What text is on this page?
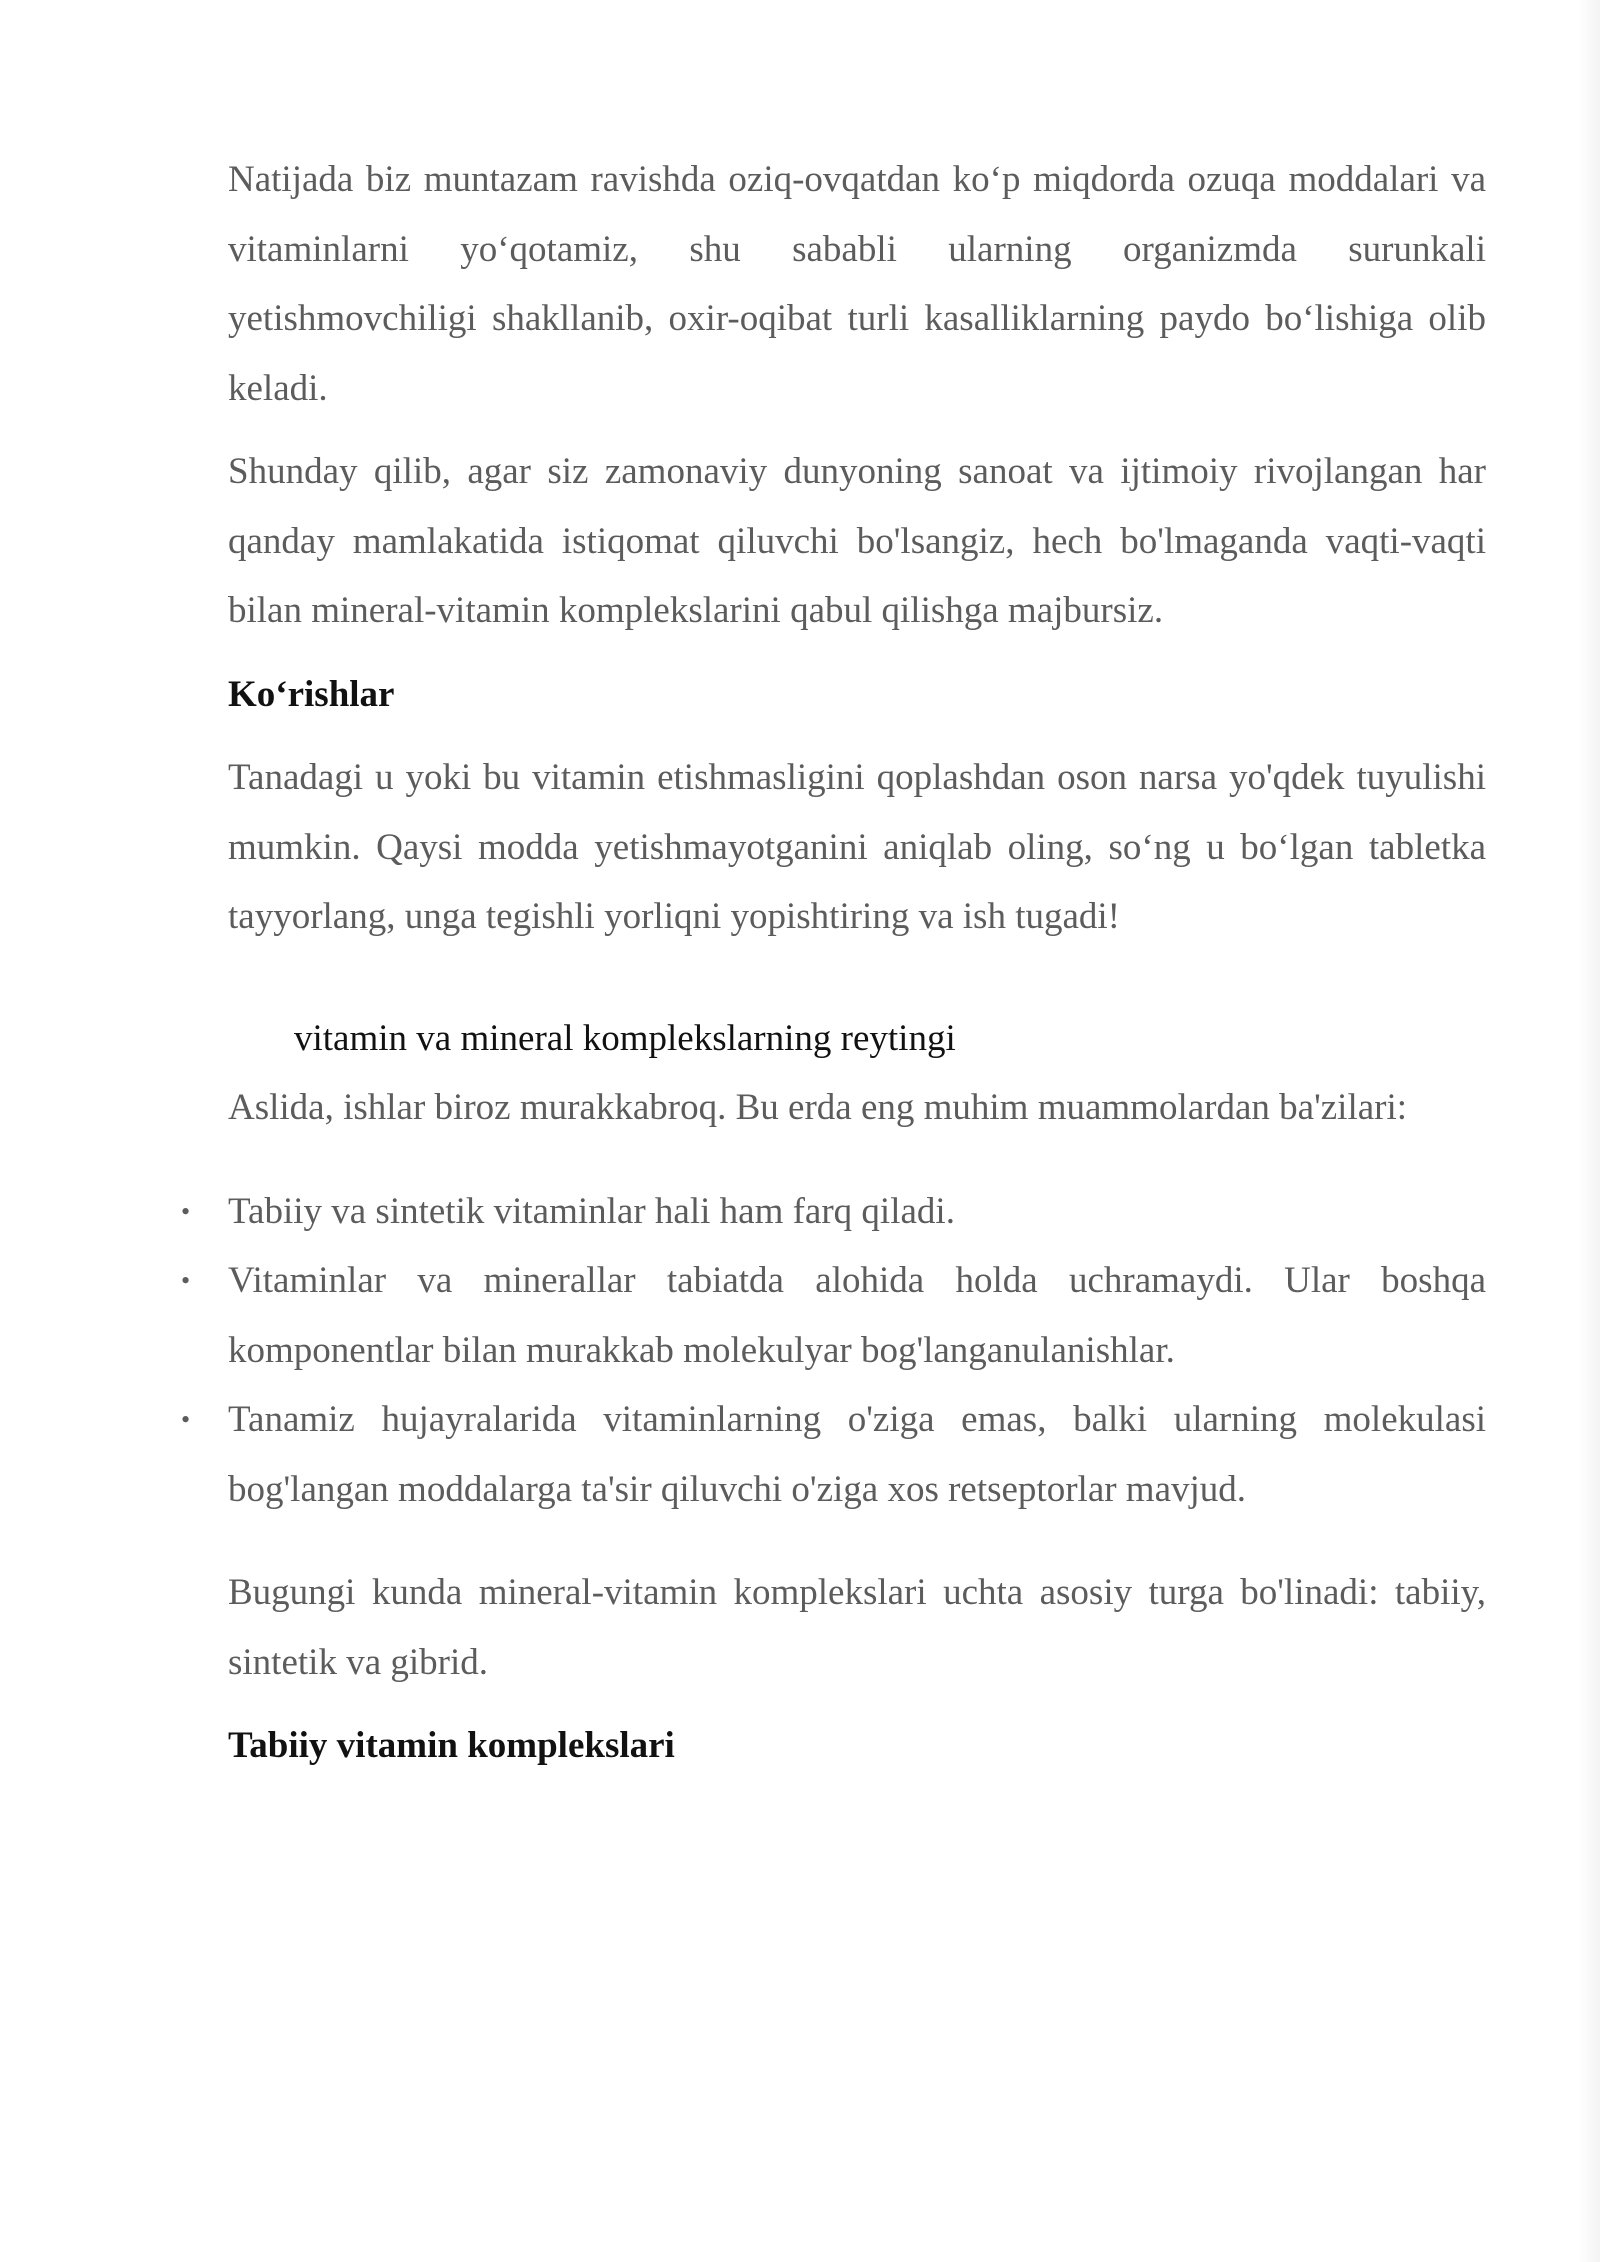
Natijada biz muntazam ravishda oziq-ovqatdan ko‘p miqdorda ozuqa moddalari va vitaminlarni yo‘qotamiz, shu sababli ularning organizmda surunkali yetishmovchiligi shakllanib, oxir-oqibat turli kasalliklarning paydo bo‘lishiga olib keladi.

Shunday qilib, agar siz zamonaviy dunyoning sanoat va ijtimoiy rivojlangan har qanday mamlakatida istiqomat qiluvchi bo'lsangiz, hech bo'lmaganda vaqti-vaqti bilan mineral-vitamin komplekslarini qabul qilishga majbursiz.

Ko‘rishlar

Tanadagi u yoki bu vitamin etishmasligini qoplashdan oson narsa yo'qdek tuyulishi mumkin. Qaysi modda yetishmayotganini aniqlab oling, so‘ng u bo‘lgan tabletka tayyorlang, unga tegishli yorliqni yopishtiring va ish tugadi!

vitamin va mineral komplekslarning reytingi

Aslida, ishlar biroz murakkabroq. Bu erda eng muhim muammolardan ba'zilari:

• Tabiiy va sintetik vitaminlar hali ham farq qiladi.
• Vitaminlar va minerallar tabiatda alohida holda uchramaydi. Ular boshqa komponentlar bilan murakkab molekulyar bog'langanulanishlar.
• Tanamiz hujayralarida vitaminlarning o'ziga emas, balki ularning molekulasi bog'langan moddalarga ta'sir qiluvchi o'ziga xos retseptorlar mavjud.

Bugungi kunda mineral-vitamin komplekslari uchta asosiy turga bo'linadi: tabiiy, sintetik va gibrid.

Tabiiy vitamin komplekslari
